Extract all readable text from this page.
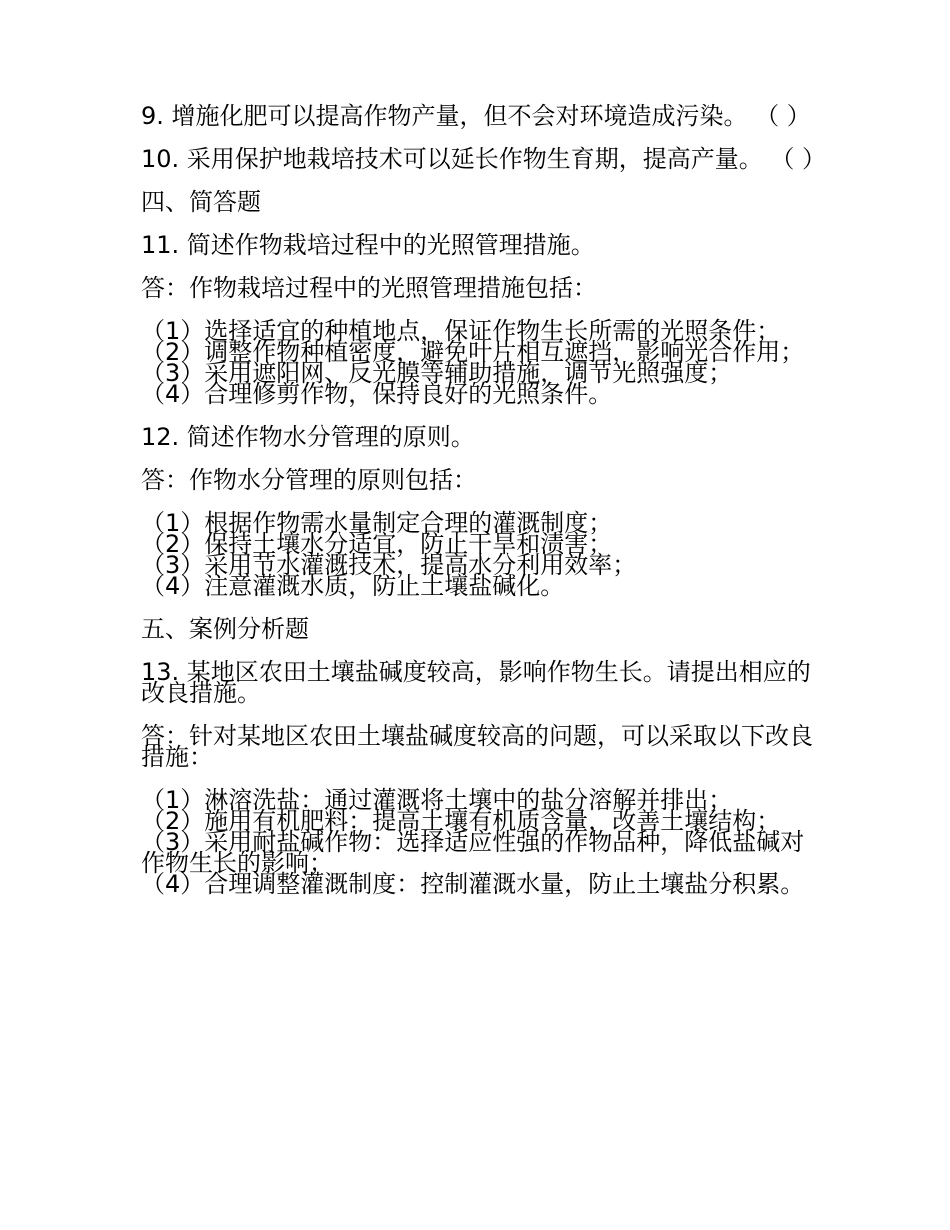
9. 增施化肥可以提高作物产量，但不会对环境造成污染。 （ ）

10. 采用保护地栽培技术可以延长作物生育期，提高产量。 （ ）

四、简答题

11. 简述作物栽培过程中的光照管理措施。

答：作物栽培过程中的光照管理措施包括：

（1）选择适宜的种植地点，保证作物生长所需的光照条件；

（2）调整作物种植密度，避免叶片相互遮挡，影响光合作用；

（3）采用遮阳网、反光膜等辅助措施，调节光照强度；

（4）合理修剪作物，保持良好的光照条件。

12. 简述作物水分管理的原则。

答：作物水分管理的原则包括：

（1）根据作物需水量制定合理的灌溉制度；

（2）保持土壤水分适宜，防止干旱和渍害；

（3）采用节水灌溉技术，提高水分利用效率；

（4）注意灌溉水质，防止土壤盐碱化。

五、案例分析题

13. 某地区农田土壤盐碱度较高，影响作物生长。请提出相应的改良措施。

答：针对某地区农田土壤盐碱度较高的问题，可以采取以下改良措施：

（1）淋溶洗盐：通过灌溉将土壤中的盐分溶解并排出；

（2）施用有机肥料：提高土壤有机质含量，改善土壤结构；

（3）采用耐盐碱作物：选择适应性强的作物品种，降低盐碱对作物生长的影响；

（4）合理调整灌溉制度：控制灌溉水量，防止土壤盐分积累。
